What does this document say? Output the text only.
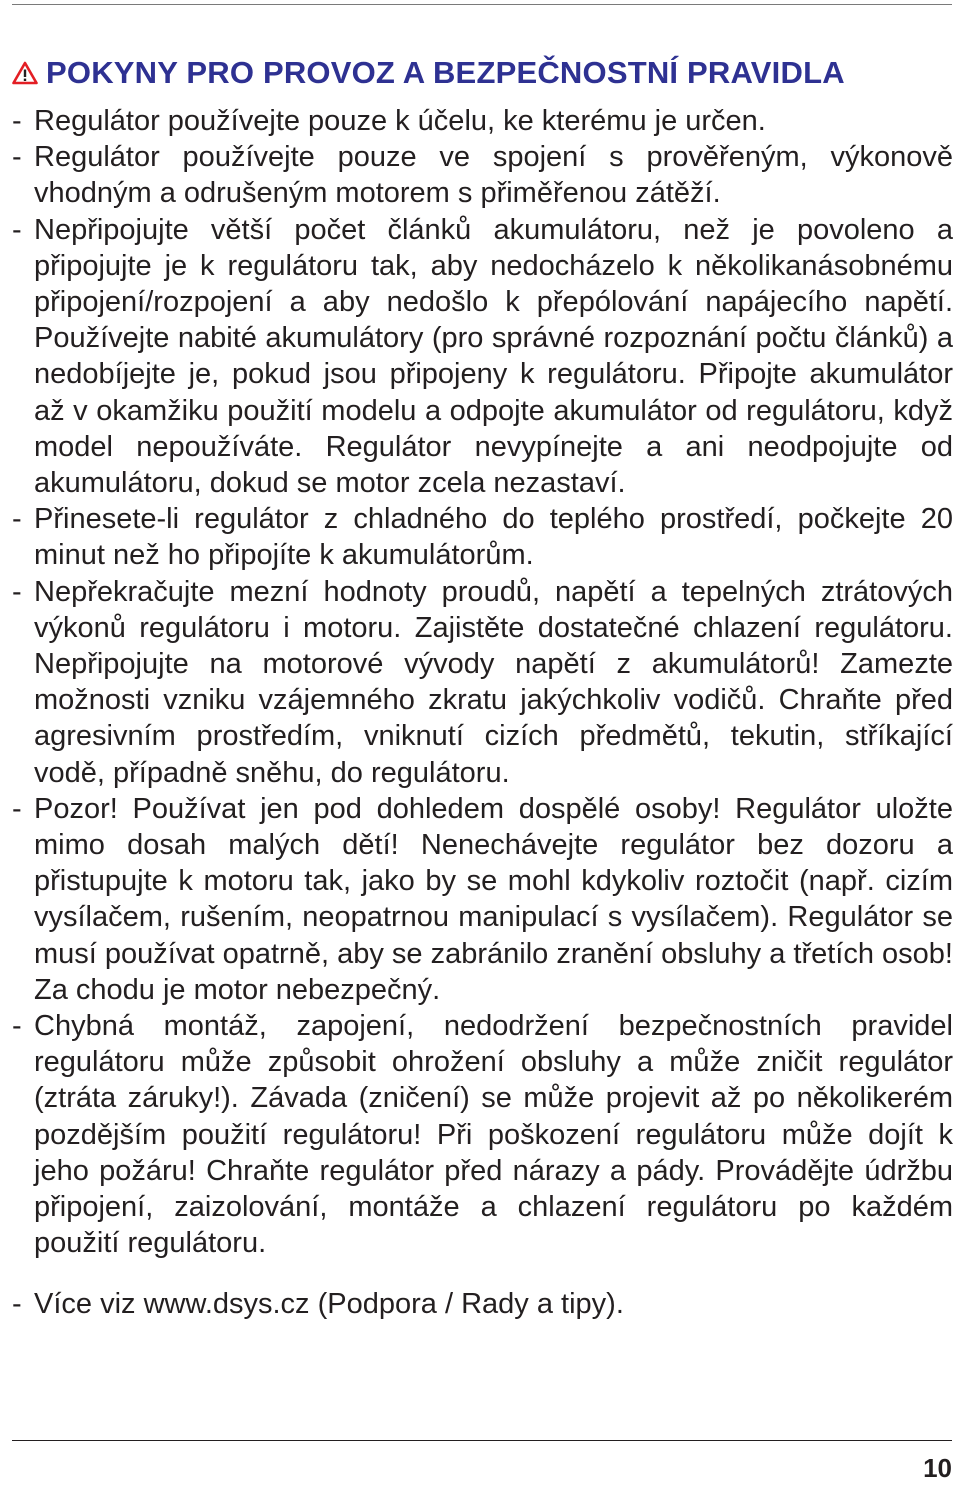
POKYNY PRO PROVOZ A BEZPEČNOSTNÍ PRAVIDLA
- Regulátor používejte pouze k účelu, ke kterému je určen.
- Regulátor používejte pouze ve spojení s prověřeným, výkonově vhodným a odrušeným motorem s přiměřenou zátěží.
- Nepřipojujte větší počet článků akumulátoru, než je povoleno a připojujte je k regulátoru tak, aby nedocházelo k několikanásobnému připojení/rozpojení a aby nedošlo k přepólování napájecího napětí. Používejte nabité akumulátory (pro správné rozpoznání počtu článků) a nedobíjejte je, pokud jsou připojeny k regulátoru. Připojte akumulátor až v okamžiku použití modelu a odpojte akumulátor od regulátoru, když model nepoužíváte. Regulátor nevypínejte a ani neodpojujte od akumulátoru, dokud se motor zcela nezastaví.
- Přinesete-li regulátor z chladného do teplého prostředí, počkejte 20 minut než ho připojíte k akumulátorům.
- Nepřekračujte mezní hodnoty proudů, napětí a tepelných ztrátových výkonů regulátoru i motoru. Zajistěte dostatečné chlazení regulátoru. Nepřipojujte na motorové vývody napětí z akumulátorů! Zamezte možnosti vzniku vzájemného zkratu jakýchkoliv vodičů. Chraňte před agresivním prostředím, vniknutí cizích předmětů, tekutin, stříkající vodě, případně sněhu, do regulátoru.
- Pozor! Používat jen pod dohledem dospělé osoby! Regulátor uložte mimo dosah malých dětí! Nenechávejte regulátor bez dozoru a přistupujte k motoru tak, jako by se mohl kdykoliv roztočit (např. cizím vysílačem, rušením, neopatrnou manipulací s vysílačem). Regulátor se musí používat opatrně, aby se zabránilo zranění obsluhy a třetích osob! Za chodu je motor nebezpečný.
- Chybná montáž, zapojení, nedodržení bezpečnostních pravidel regulátoru může způsobit ohrožení obsluhy a může zničit regulátor (ztráta záruky!). Závada (zničení) se může projevit až po několikerém pozdějším použití regulátoru! Při poškození regulátoru může dojít k jeho požáru! Chraňte regulátor před nárazy a pády. Provádějte údržbu připojení, zaizolování, montáže a chlazení regulátoru po každém použití regulátoru.
- Více viz www.dsys.cz (Podpora / Rady a tipy).
10
